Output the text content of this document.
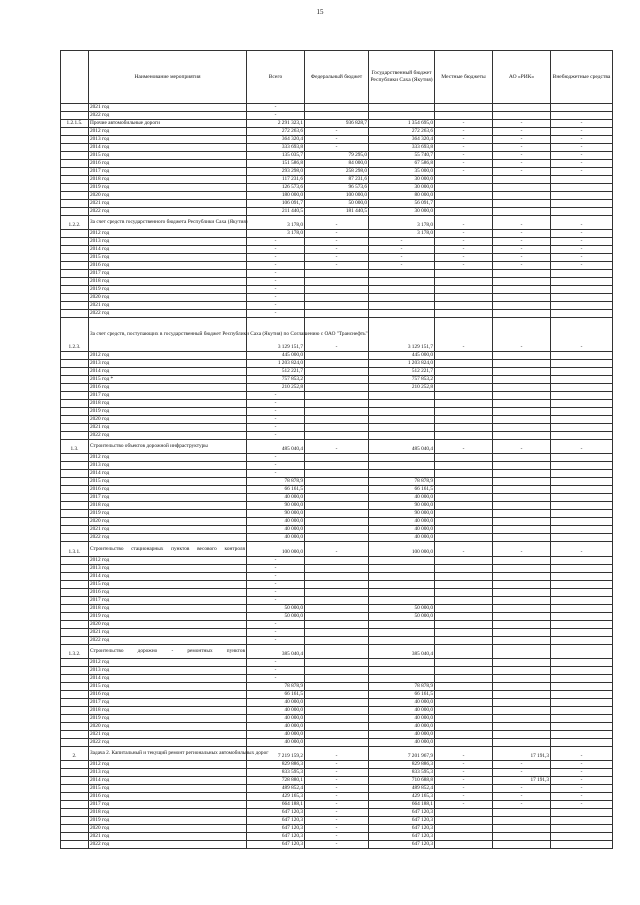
15
	Наименование мероприятия	Всего	Федеральный бюджет	Государственный бюджет Республики Саха (Якутия)	Местные бюджеты	АО «РИК»	Внебюджетные средства
	2021 год	-					
	2022 год	-					
1.2.1.5.	Прочие автомобильные дороги	2 291 323,1	936 828,7	1 354 695,0	-	-	-
	2012 год	272 263,6	-	272 263,6	-	-	-
	2013 год	364 320,4	-	364 320,4	-	-	-
	2014 год	333 693,8	-	333 693,8	-	-	-
	2015 год	135 035,7	79 295,0	55 740,7	-	-	-
	2016 год	151 586,8	84 000,0	67 586,8	-	-	-
	2017 год	293 298,0	258 298,0	35 000,0	-	-	-
	2018 год	117 231,6	87 231,6	30 000,0			
	2019 год	126 573,6	96 573,6	30 000,0			
	2020 год	180 000,0	100 000,0	80 000,0			
	2021 год	106 091,7	50 000,0	56 091,7			
	2022 год	211 440,5	181 440,5	30 000,0			
1.2.2.	За счет средств государственного бюджета Республики Саха (Якутия)	3 178,0	-	3 178,0	-	-	-
	2012 год	3 178,0	-	3 178,0	-	-	-
	2013 год	-	-	-	-	-	-
	2014 год	-	-	-	-	-	-
	2015 год	-	-	-	-	-	-
	2016 год	-	-	-	-	-	-
	2017 год	-					
	2018 год	-					
	2019 год	-					
	2020 год	-					
	2021 год	-					
	2022 год	-					
1.2.3.	За счет средств, поступающих в государственный бюджет Республики Саха (Якутия) по Соглашению с ОАО "Транснефть"	3 129 151,7	-	3 129 151,7	-	-	-
	2012 год	445 000,0		445 000,0			
	2013 год	1 203 824,0		1 203 824,0			
	2014 год	512 221,7		512 221,7			
	2015 год *	757 853,2		757 853,2			
	2016 год	210 252,8		210 252,8			
	2017 год	-					
	2018 год	-					
	2019 год	-					
	2020 год	-					
	2021 год	-					
	2022 год	-					
1.3.	Строительство объектов дорожной инфраструктуры	485 040,4	-	485 040,4	-	-	-
	2012 год	-					
	2013 год	-					
	2014 год	-					
	2015 год	78 878,9		78 878,9			
	2016 год	66 161,5		66 161,5			
	2017 год	40 000,0		40 000,0			
	2018 год	90 000,0		90 000,0			
	2019 год	90 000,0		90 000,0			
	2020 год	40 000,0		40 000,0			
	2021 год	40 000,0		40 000,0			
	2022 год	40 000,0		40 000,0			
1.3.1.	Строительство стационарных пунктов весового контроля	100 000,0	-	100 000,0	-	-	-
	2012 год	-					
	2013 год	-					
	2014 год	-					
	2015 год	-					
	2016 год	-					
	2017 год	-					
	2018 год	50 000,0		50 000,0			
	2019 год	50 000,0		50 000,0			
	2020 год	-					
	2021 год	-					
	2022 год	-					
1.3.2.	Строительство дорожно - ремонтных пунктов	385 040,4		385 040,4			
	2012 год	-					
	2013 год	-					
	2014 год	-					
	2015 год	78 878,9		78 878,9			
	2016 год	66 161,5		66 161,5			
	2017 год	40 000,0		40 000,0			
	2018 год	40 000,0		40 000,0			
	2019 год	40 000,0		40 000,0			
	2020 год	40 000,0		40 000,0			
	2021 год	40 000,0		40 000,0			
	2022 год	40 000,0		40 000,0			
2.	Задача 2. Капитальный и текущий ремонт региональных автомобильных дорог	7 219 159,2	-	7 201 967,9	-	17 191,3	-
	2012 год	829 886,3	-	829 886,3	-	-	-
	2013 год	833 595,3	-	833 595,3	-	-	-
	2014 год	728 880,1	-	710 688,8	-	17 191,3	-
	2015 год	489 852,4	-	489 852,4	-	-	-
	2016 год	429 165,3	-	429 165,3	-	-	-
	2017 год	664 188,1	-	664 188,1	-	-	-
	2018 год	647 120,3	-	647 120,3			
	2019 год	647 120,3	-	647 120,3			
	2020 год	647 120,3	-	647 120,3			
	2021 год	647 120,3	-	647 120,3			
	2022 год	647 120,3	-	647 120,3			
